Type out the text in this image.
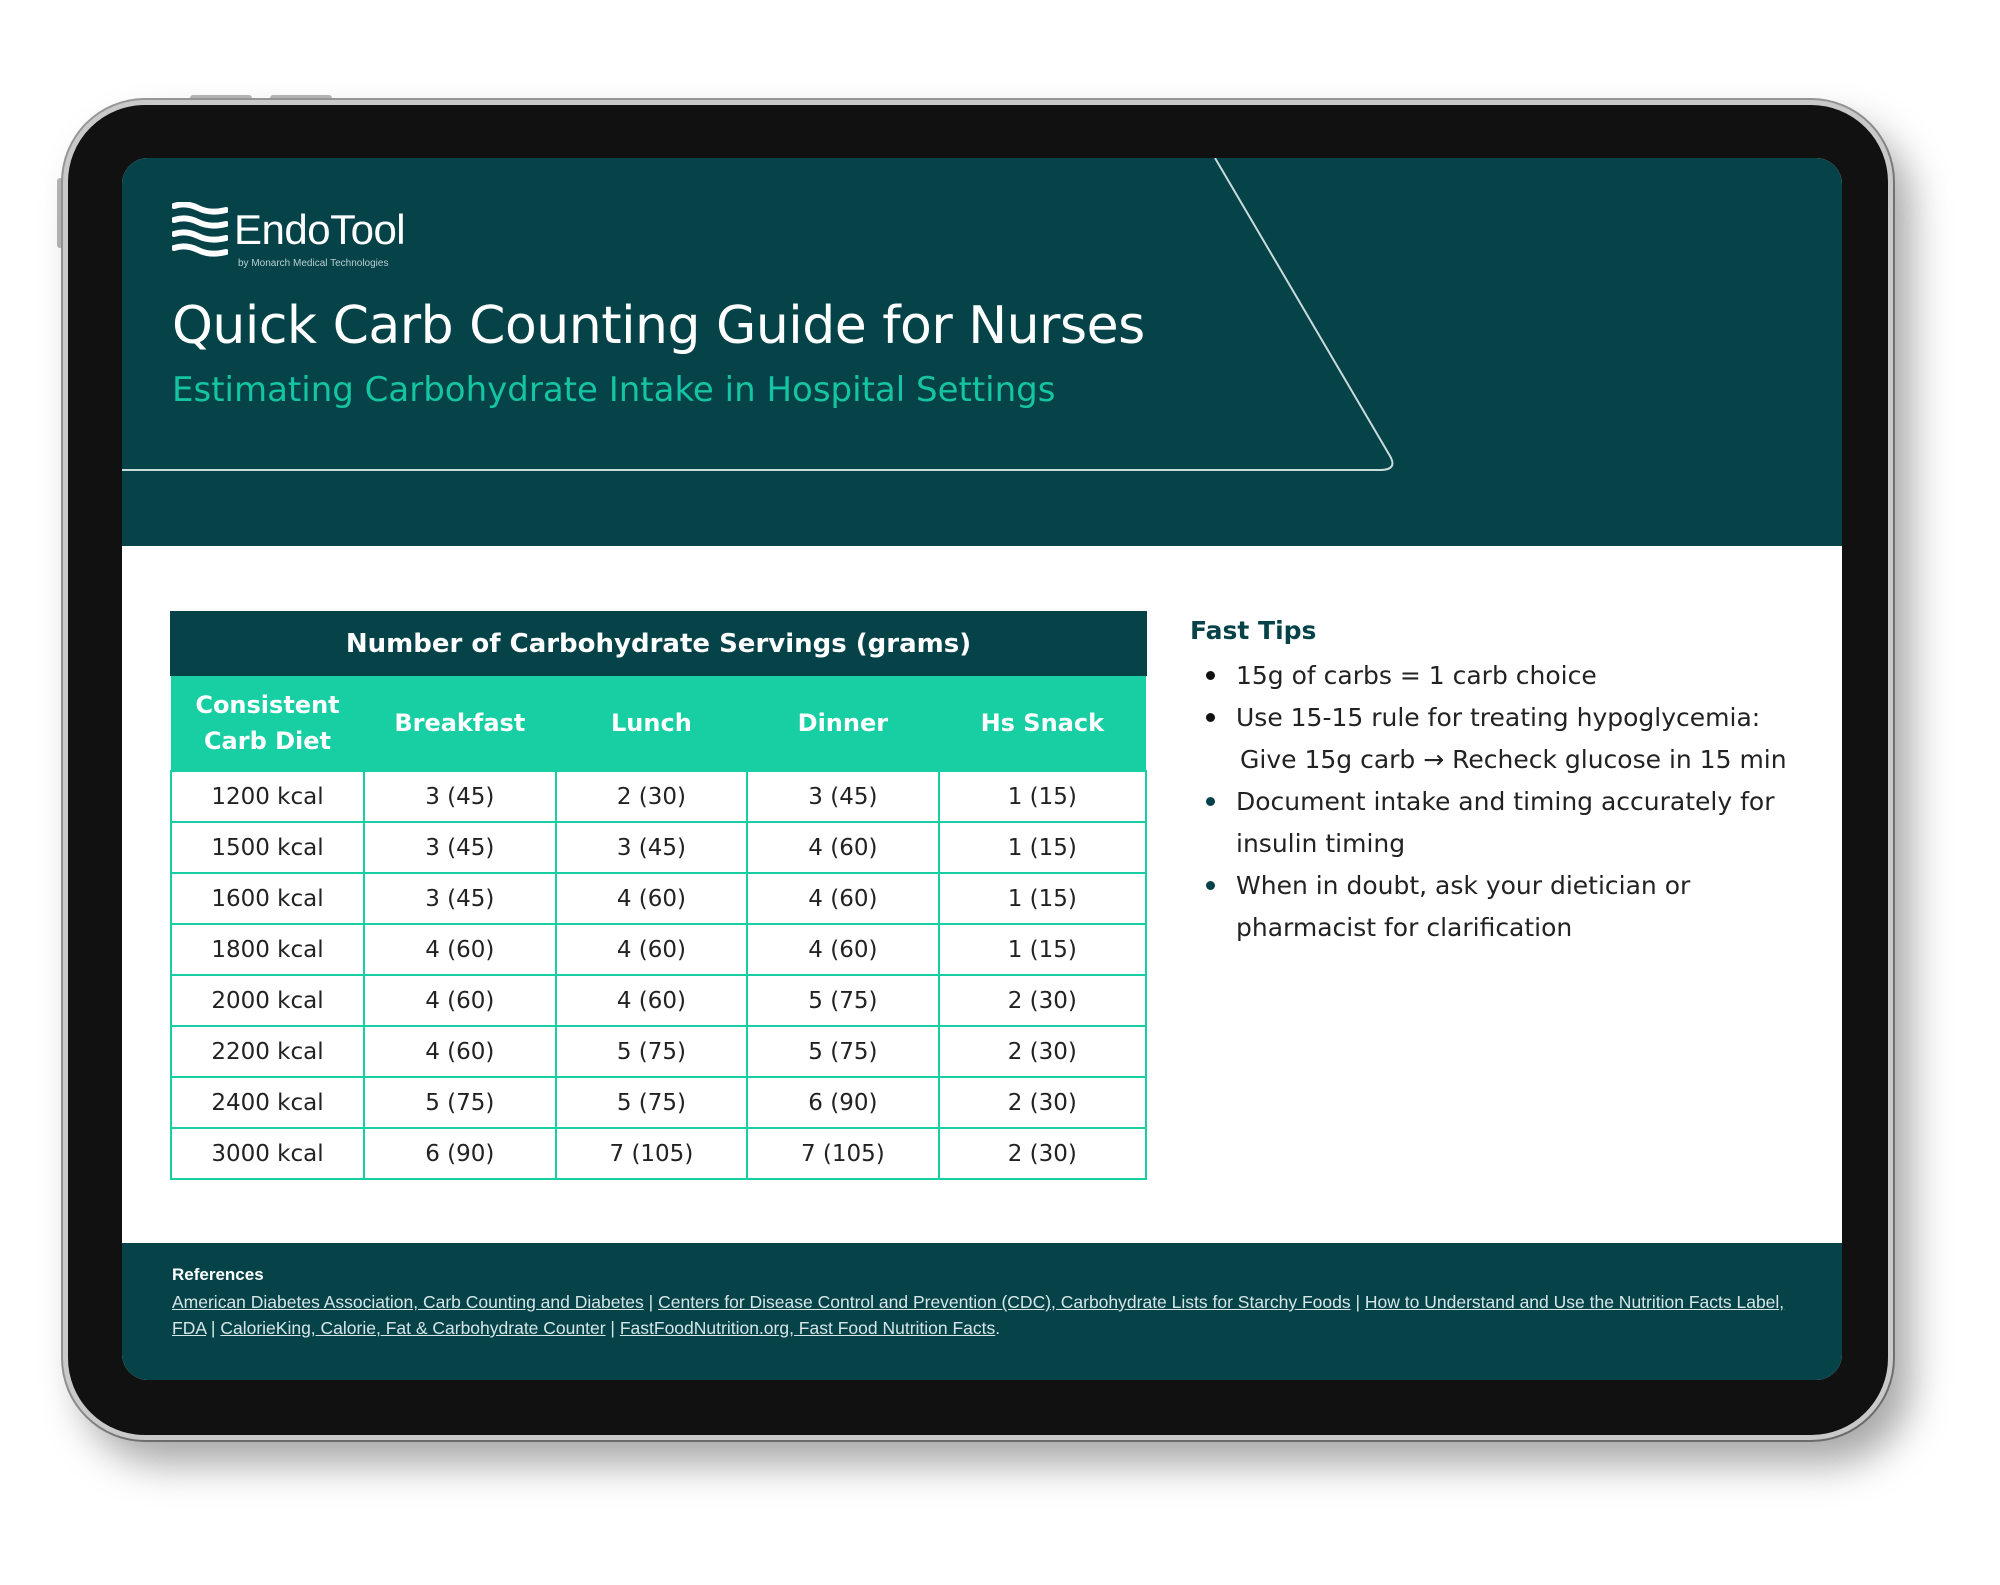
EndoTool
by Monarch Medical Technologies
Quick Carb Counting Guide for Nurses
Estimating Carbohydrate Intake in Hospital Settings
Number of Carbohydrate Servings (grams)				
Consistent Carb Diet	Breakfast	Lunch	Dinner	Hs Snack
1200 kcal	3 (45)	2 (30)	3 (45)	1 (15)
1500 kcal	3 (45)	3 (45)	4 (60)	1 (15)
1600 kcal	3 (45)	4 (60)	4 (60)	1 (15)
1800 kcal	4 (60)	4 (60)	4 (60)	1 (15)
2000 kcal	4 (60)	4 (60)	5 (75)	2 (30)
2200 kcal	4 (60)	5 (75)	5 (75)	2 (30)
2400 kcal	5 (75)	5 (75)	6 (90)	2 (30)
3000 kcal	6 (90)	7 (105)	7 (105)	2 (30)
Fast Tips
15g of carbs = 1 carb choice
Use 15-15 rule for treating hypoglycemia:
Give 15g carb → Recheck glucose in 15 min
Document intake and timing accurately for
insulin timing
When in doubt, ask your dietician or
pharmacist for clarification
References
American Diabetes Association, Carb Counting and Diabetes | Centers for Disease Control and Prevention (CDC), Carbohydrate Lists for Starchy Foods | How to Understand and Use the Nutrition Facts Label, FDA | CalorieKing, Calorie, Fat & Carbohydrate Counter | FastFoodNutrition.org, Fast Food Nutrition Facts.
